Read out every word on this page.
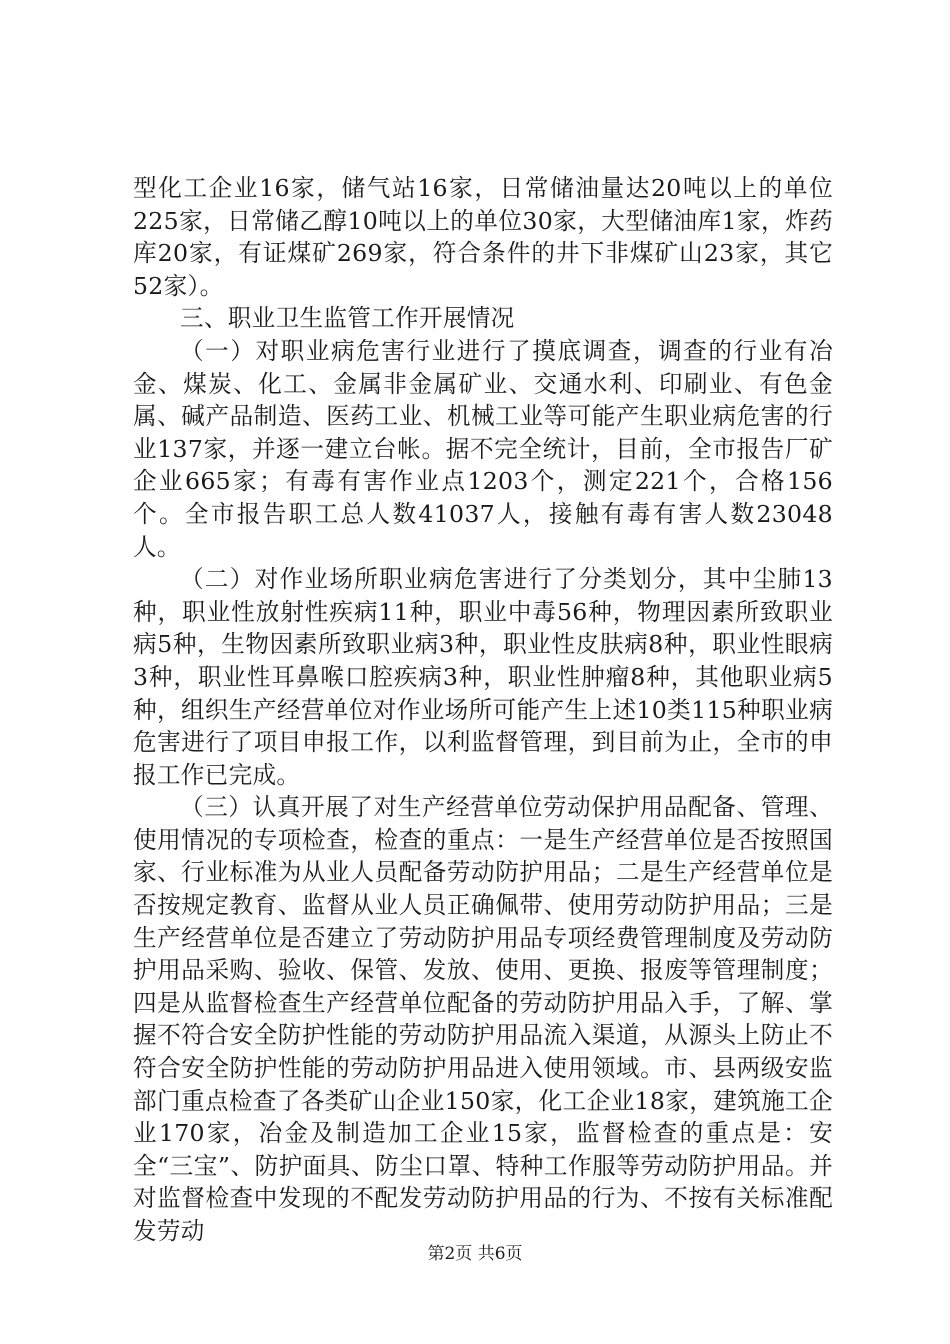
型化工企业16家，储气站16家，日常储油量达20吨以上的单位225家，日常储乙醇10吨以上的单位30家，大型储油库1家，炸药库20家，有证煤矿269家，符合条件的井下非煤矿山23家，其它52家）。

三、职业卫生监管工作开展情况

（一）对职业病危害行业进行了摸底调查，调查的行业有冶金、煤炭、化工、金属非金属矿业、交通水利、印刷业、有色金属、碱产品制造、医药工业、机械工业等可能产生职业病危害的行业137家，并逐一建立台帐。据不完全统计，目前，全市报告厂矿企业665家；有毒有害作业点1203个，测定221个，合格156个。全市报告职工总人数41037人，接触有毒有害人数23048人。

（二）对作业场所职业病危害进行了分类划分，其中尘肺13种，职业性放射性疾病11种，职业中毒56种，物理因素所致职业病5种，生物因素所致职业病3种，职业性皮肤病8种，职业性眼病3种，职业性耳鼻喉口腔疾病3种，职业性肿瘤8种，其他职业病5种，组织生产经营单位对作业场所可能产生上述10类115种职业病危害进行了项目申报工作，以利监督管理，到目前为止，全市的申报工作已完成。

（三）认真开展了对生产经营单位劳动保护用品配备、管理、使用情况的专项检查，检查的重点：一是生产经营单位是否按照国家、行业标准为从业人员配备劳动防护用品；二是生产经营单位是否按规定教育、监督从业人员正确佩带、使用劳动防护用品；三是生产经营单位是否建立了劳动防护用品专项经费管理制度及劳动防护用品采购、验收、保管、发放、使用、更换、报废等管理制度；四是从监督检查生产经营单位配备的劳动防护用品入手，了解、掌握不符合安全防护性能的劳动防护用品流入渠道，从源头上防止不符合安全防护性能的劳动防护用品进入使用领域。市、县两级安监部门重点检查了各类矿山企业150家，化工企业18家，建筑施工企业170家，冶金及制造加工企业15家，监督检查的重点是：安全“三宝”、防护面具、防尘口罩、特种工作服等劳动防护用品。并对监督检查中发现的不配发劳动防护用品的行为、不按有关标准配发劳动

第2页 共6页
